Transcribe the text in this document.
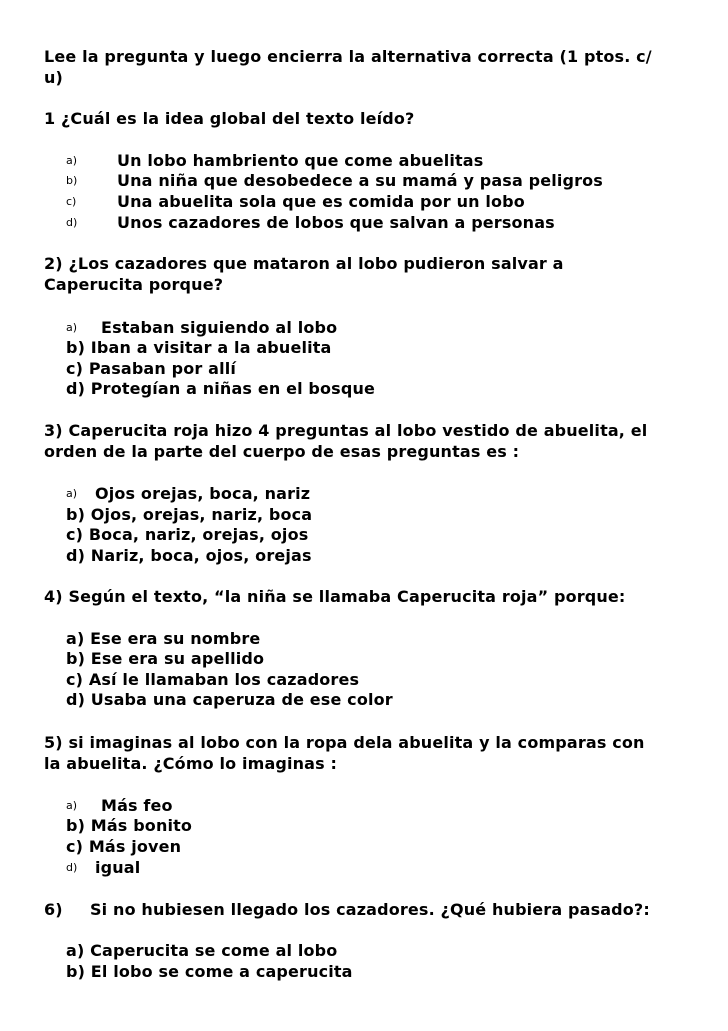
Lee la pregunta y luego encierra la alternativa correcta (1 ptos. c/
u)
1 ¿Cuál es la idea global del texto leído?
a) Un lobo hambriento que come abuelitas
b) Una niña que desobedece a su mamá y pasa peligros
c)	Una abuelita sola que es comida por un lobo
d) Unos cazadores de lobos que salvan a personas
2) ¿Los cazadores que mataron al lobo pudieron salvar a
Caperucita porque?
a) Estaban siguiendo al lobo
b) Iban a visitar a la abuelita
c) Pasaban por allí
d) Protegían a niñas en el bosque
3) Caperucita roja hizo 4 preguntas al lobo vestido de abuelita, el
orden de la parte del cuerpo de esas preguntas es :
a) Ojos orejas, boca, nariz
b) Ojos, orejas, nariz, boca
c) Boca, nariz, orejas, ojos
d) Nariz, boca, ojos, orejas
4) Según el texto, “la niña se llamaba Caperucita roja” porque:
a) Ese era su nombre
b) Ese era su apellido
c) Así le llamaban los cazadores
d) Usaba una caperuza de ese color
5) si imaginas al lobo con la ropa dela abuelita y la comparas con
la abuelita. ¿Cómo lo imaginas :
a) Más feo
b) Más bonito
c) Más joven
d) igual
6) Si no hubiesen llegado los cazadores. ¿Qué hubiera pasado?:
a) Caperucita se come al lobo
b) El lobo se come a caperucita
